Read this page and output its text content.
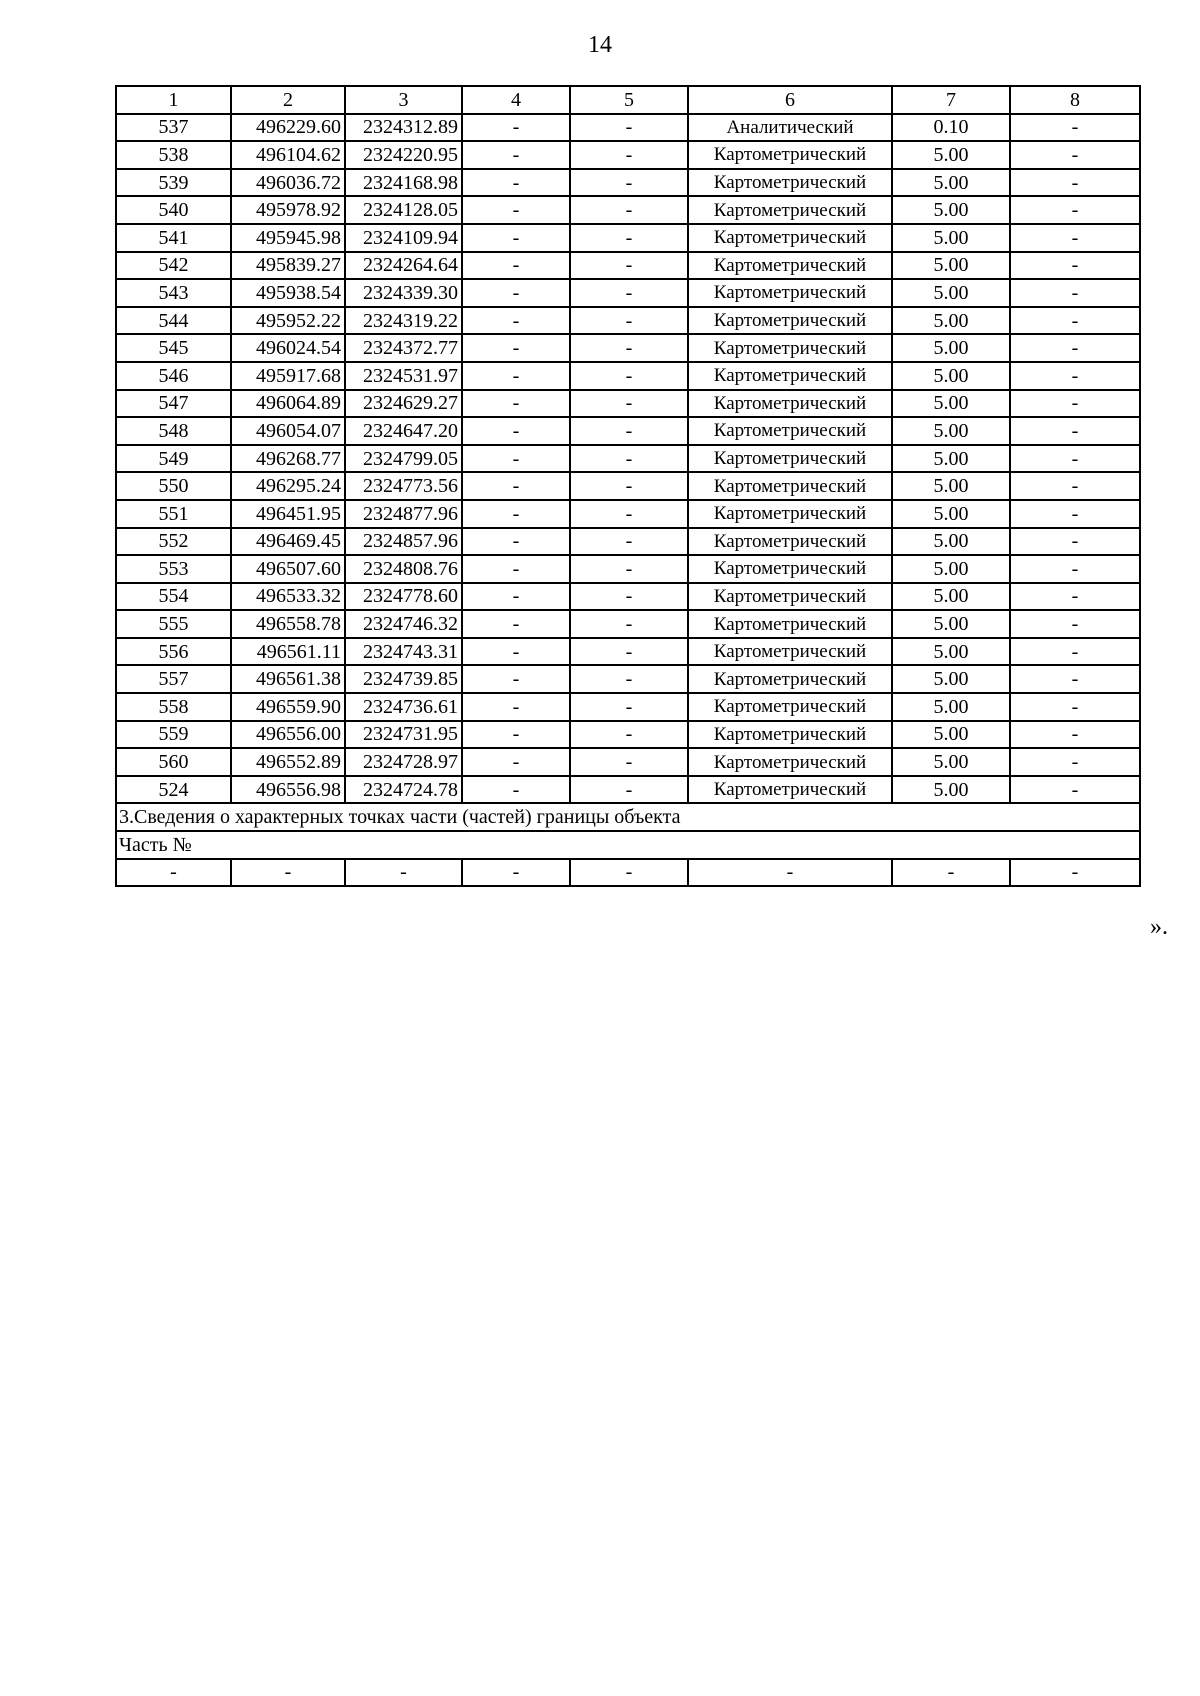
14
1	2	3	4	5	6	7	8
537	496229.60	2324312.89	-	-	Аналитический	0.10	-
538	496104.62	2324220.95	-	-	Картометрический	5.00	-
539	496036.72	2324168.98	-	-	Картометрический	5.00	-
540	495978.92	2324128.05	-	-	Картометрический	5.00	-
541	495945.98	2324109.94	-	-	Картометрический	5.00	-
542	495839.27	2324264.64	-	-	Картометрический	5.00	-
543	495938.54	2324339.30	-	-	Картометрический	5.00	-
544	495952.22	2324319.22	-	-	Картометрический	5.00	-
545	496024.54	2324372.77	-	-	Картометрический	5.00	-
546	495917.68	2324531.97	-	-	Картометрический	5.00	-
547	496064.89	2324629.27	-	-	Картометрический	5.00	-
548	496054.07	2324647.20	-	-	Картометрический	5.00	-
549	496268.77	2324799.05	-	-	Картометрический	5.00	-
550	496295.24	2324773.56	-	-	Картометрический	5.00	-
551	496451.95	2324877.96	-	-	Картометрический	5.00	-
552	496469.45	2324857.96	-	-	Картометрический	5.00	-
553	496507.60	2324808.76	-	-	Картометрический	5.00	-
554	496533.32	2324778.60	-	-	Картометрический	5.00	-
555	496558.78	2324746.32	-	-	Картометрический	5.00	-
556	496561.11	2324743.31	-	-	Картометрический	5.00	-
557	496561.38	2324739.85	-	-	Картометрический	5.00	-
558	496559.90	2324736.61	-	-	Картометрический	5.00	-
559	496556.00	2324731.95	-	-	Картометрический	5.00	-
560	496552.89	2324728.97	-	-	Картометрический	5.00	-
524	496556.98	2324724.78	-	-	Картометрический	5.00	-
3.Сведения о характерных точках части (частей) границы объекта							
Часть №							
-	-	-	-	-	-	-	-
».
